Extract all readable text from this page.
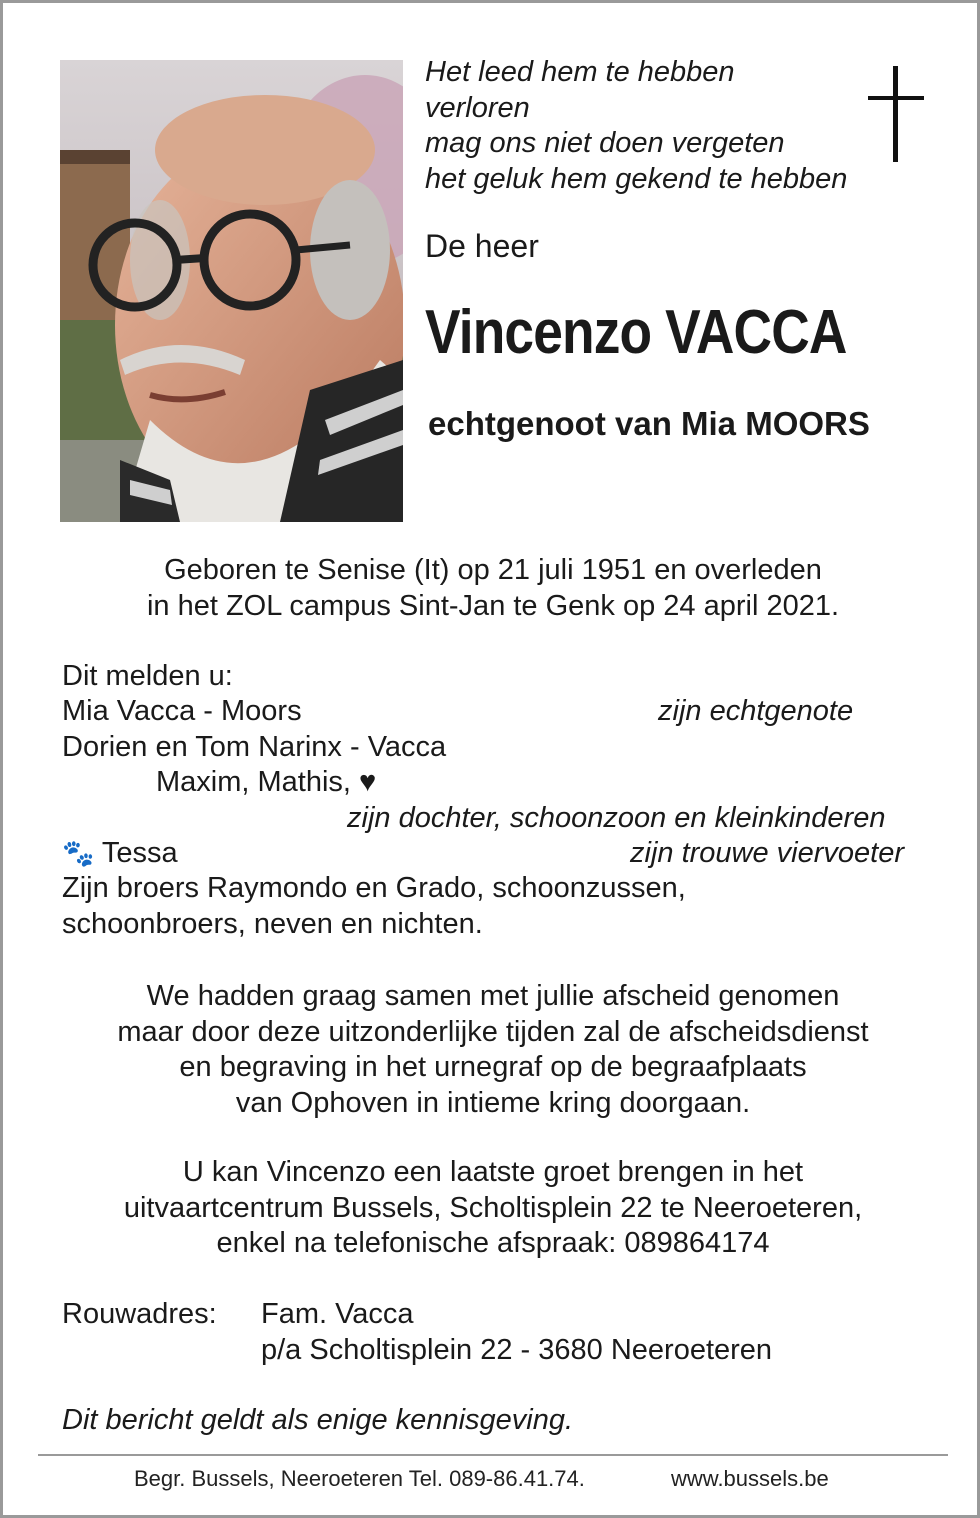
Het leed hem te hebben
verloren
mag ons niet doen vergeten
het geluk hem gekend te hebben
De heer
Vincenzo VACCA
echtgenoot van Mia MOORS
Geboren te Senise (It) op 21 juli 1951 en overleden
in het ZOL campus Sint-Jan te Genk op 24 april 2021.
Dit melden u:
Mia Vacca - Moors	zijn echtgenote
Dorien en Tom Narinx - Vacca
Maxim, Mathis, ♥
zijn dochter, schoonzoon en kleinkinderen
🐾 Tessa	zijn trouwe viervoeter
Zijn broers Raymondo en Grado, schoonzussen,
schoonbroers, neven en nichten.
We hadden graag samen met jullie afscheid genomen
maar door deze uitzonderlijke tijden zal de afscheidsdienst
en begraving in het urnegraf op de begraafplaats
van Ophoven in intieme kring doorgaan.
U kan Vincenzo een laatste groet brengen in het
uitvaartcentrum Bussels, Scholtisplein 22 te Neeroeteren,
enkel na telefonische afspraak: 089864174
Rouwadres: Fam. Vacca
p/a Scholtisplein 22 - 3680 Neeroeteren
Dit bericht geldt als enige kennisgeving.
Begr. Bussels, Neeroeteren Tel. 089-86.41.74.	www.bussels.be
